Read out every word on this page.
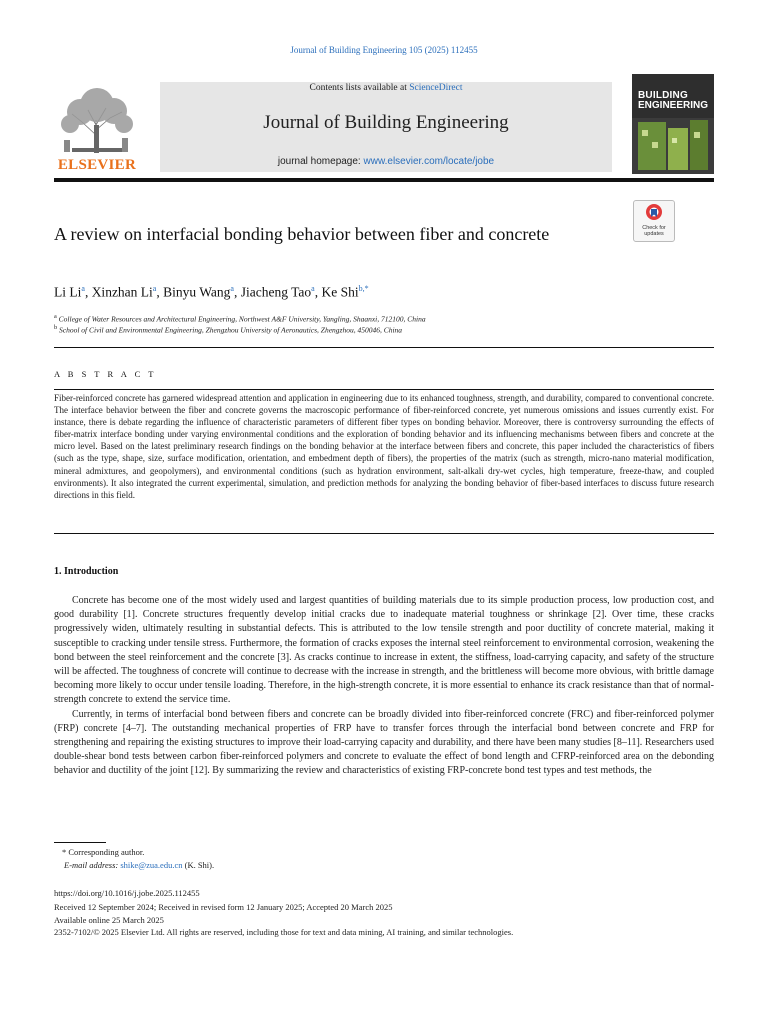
Journal of Building Engineering 105 (2025) 112455
ELSEVIER
Contents lists available at ScienceDirect
Journal of Building Engineering
journal homepage: www.elsevier.com/locate/jobe
BUILDING
ENGINEERING
Check for updates
A review on interfacial bonding behavior between fiber and concrete
Li Li$^a$, Xinzhan Li$^a$, Binyu Wang$^a$, Jiacheng Tao$^a$, Ke Shi$^{b,*}$
$^a$ College of Water Resources and Architectural Engineering, Northwest A&F University, Yangling, Shaanxi, 712100, China
$^b$ School of Civil and Environmental Engineering, Zhengzhou University of Aeronautics, Zhengzhou, 450046, China
A B S T R A C T
Fiber-reinforced concrete has garnered widespread attention and application in engineering due to its enhanced toughness, strength, and durability, compared to conventional concrete. The interface behavior between the fiber and concrete governs the macroscopic performance of fiber-reinforced concrete, yet numerous omissions and issues currently exist. For instance, there is debate regarding the influence of characteristic parameters of different fiber types on bonding behavior. Moreover, there is controversy surrounding the effects of fiber-matrix interface bonding under varying environmental conditions and the exploration of bonding behavior and its influencing mechanisms between fibers and concrete at the micro level. Based on the latest preliminary research findings on the bonding behavior at the interface between fibers and concrete, this paper included the characteristics of fibers (such as the type, shape, size, surface modification, orientation, and embedment depth of fibers), the properties of the matrix (such as strength, micro-nano material modification, mineral admixtures, and geopolymers), and environmental conditions (such as hydration environment, salt-alkali dry-wet cycles, high temperature, freeze-thaw, and coupled environments). It also integrated the current experimental, simulation, and prediction methods for analyzing the bonding behavior of fiber-based interfaces to discuss future research directions in this field.
1. Introduction

Concrete has become one of the most widely used and largest quantities of building materials due to its simple production process, low production cost, and good durability [1]. Concrete structures frequently develop initial cracks due to inadequate material toughness or shrinkage [2]. Over time, these cracks progressively widen, ultimately resulting in substantial defects. This is attributed to the low tensile strength and poor ductility of concrete material, making it susceptible to cracking under tensile stress. Furthermore, the formation of cracks exposes the internal steel reinforcement to environmental corrosion, weakening the bond between the steel reinforcement and the concrete [3]. As cracks continue to increase in extent, the stiffness, load-carrying capacity, and safety of the structure will be affected. The toughness of concrete will continue to decrease with the increase in strength, and the brittleness will become more obvious, with brittle damage becoming more likely to occur under tensile loading. Therefore, in the high-strength concrete, it is more essential to enhance its crack resistance than that of normal-strength concrete to extend the service time.

Currently, in terms of interfacial bond between fibers and concrete can be broadly divided into fiber-reinforced concrete (FRC) and fiber-reinforced polymer (FRP) concrete [4–7]. The outstanding mechanical properties of FRP have to transfer forces through the interfacial bond between concrete and FRP for strengthening and repairing the existing structures to improve their load-carrying capacity and durability, and there have been many studies [8–11]. Researchers used double-shear bond tests between carbon fiber-reinforced polymers and concrete to evaluate the effect of bond length and CFRP-reinforced area on the debonding behavior and ductility of the joint [12]. By summarizing the review and characteristics of existing FRP-concrete bond test types and test methods, the

* Corresponding author.
E-mail address: shike@zua.edu.cn (K. Shi).
https://doi.org/10.1016/j.jobe.2025.112455
Received 12 September 2024; Received in revised form 12 January 2025; Accepted 20 March 2025
Available online 25 March 2025
2352-7102/© 2025 Elsevier Ltd. All rights are reserved, including those for text and data mining, AI training, and similar technologies.
